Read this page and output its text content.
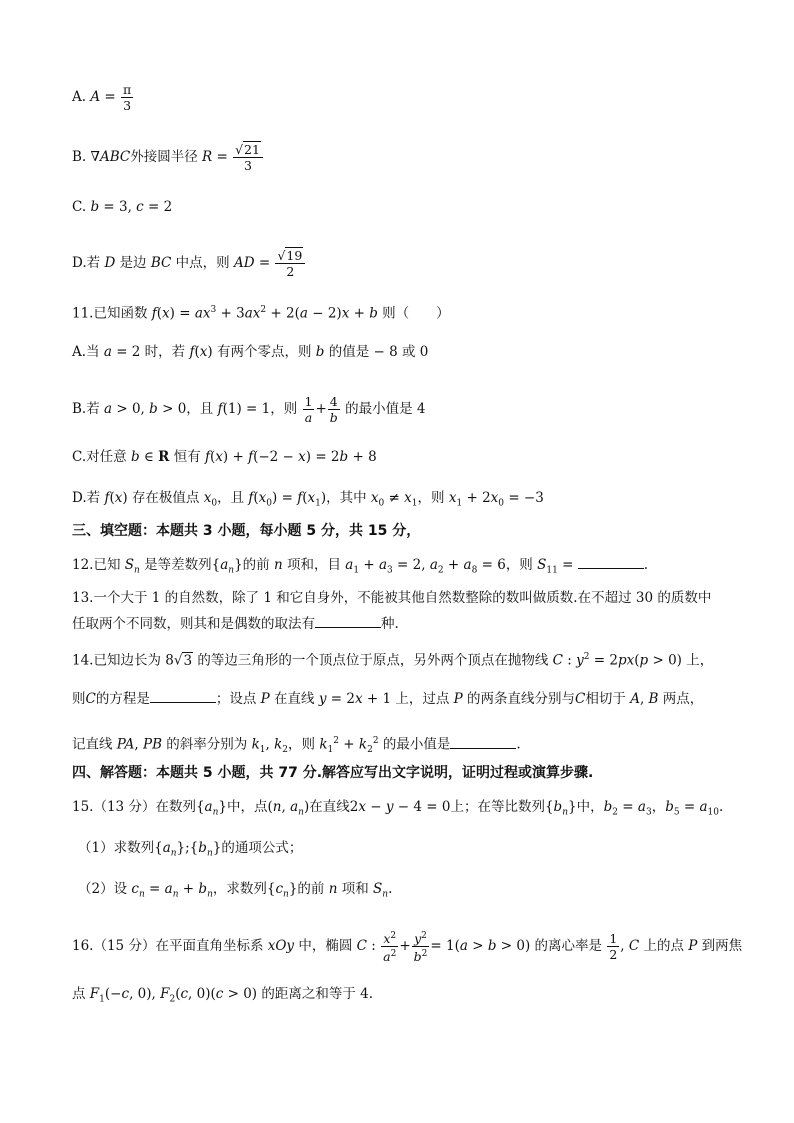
A. $A = \frac{\pi}{3}$
B. ∇ABC外接圆半径 $R = \frac{√21}{3}$
C. b = 3, c = 2
D.若 D 是边 BC 中点，则 AD = $\frac{√19}{2}$
11.已知函数 $f(x) = ax^3 + 3ax^2 + 2(a - 2)x + b$ 则（　　）
A.当 a = 2 时，若 f(x) 有两个零点，则 b 的值是 − 8 或 0
B.若 a > 0, b > 0，且 f(1) = 1，则 $\frac{1}{a} + \frac{4}{b}$ 的最小值是 4
C.对任意 b ∈ R 恒有 f(x) + f(−2 − x) = 2b + 8
D.若 f(x) 存在极值点 $x_0$，且 $f(x_0) = f(x_1)$，其中 $x_0 \ne x_1$，则 $x_1 + 2x_0 = -3$
三、填空题：本题共 3 小题，每小题 5 分，共 15 分，
12.已知 $S_n$ 是等差数列$\{a_n\}$的前 n 项和，目 $a_1 + a_3 = 2$, $a_2 + a_8 = 6$，则 $S_{11}$ =	.
13.一个大于 1 的自然数，除了 1 和它自身外，不能被其他自然数整除的数叫做质数.在不超过 30 的质数中
任取两个不同数，则其和是偶数的取法有	种.
14.已知边长为 8√3 的等边三角形的一个顶点位于原点，另外两个顶点在抛物线 C : $y^2 = 2px(p > 0)$ 上，
则C的方程是	；设点 P 在直线 y = 2x + 1 上，过点 P 的两条直线分别与C相切于 A, B 两点，
记直线 PA, PB 的斜率分别为 $k_1$, $k_2$，则 $k_1^2 + k_2^2$ 的最小值是	.
四、解答题：本题共 5 小题，共 77 分.解答应写出文字说明，证明过程或演算步骤.
15.（13 分）在数列$\{a_n\}$中，点(n, $a_n$)在直线2x − y − 4 = 0上；在等比数列$\{b_n\}$中，$b_2 = a_3$，$b_5 = a_{10}$.
（1）求数列$\{a_n\};\{b_n\}$的通项公式；
（2）设 $c_n = a_n + b_n$，求数列$\{c_n\}$的前 n 项和 $S_n$.
16.（15 分）在平面直角坐标系 xOy 中，椭圆 C : $\frac{x^2}{a^2} + \frac{y^2}{b^2} = 1(a > b > 0)$ 的离心率是 $\frac{1}{2}$ , C 上的点 P 到两焦
点 $F_1(-c$, 0), $F_2(c$, 0)(c > 0) 的距离之和等于 4.
